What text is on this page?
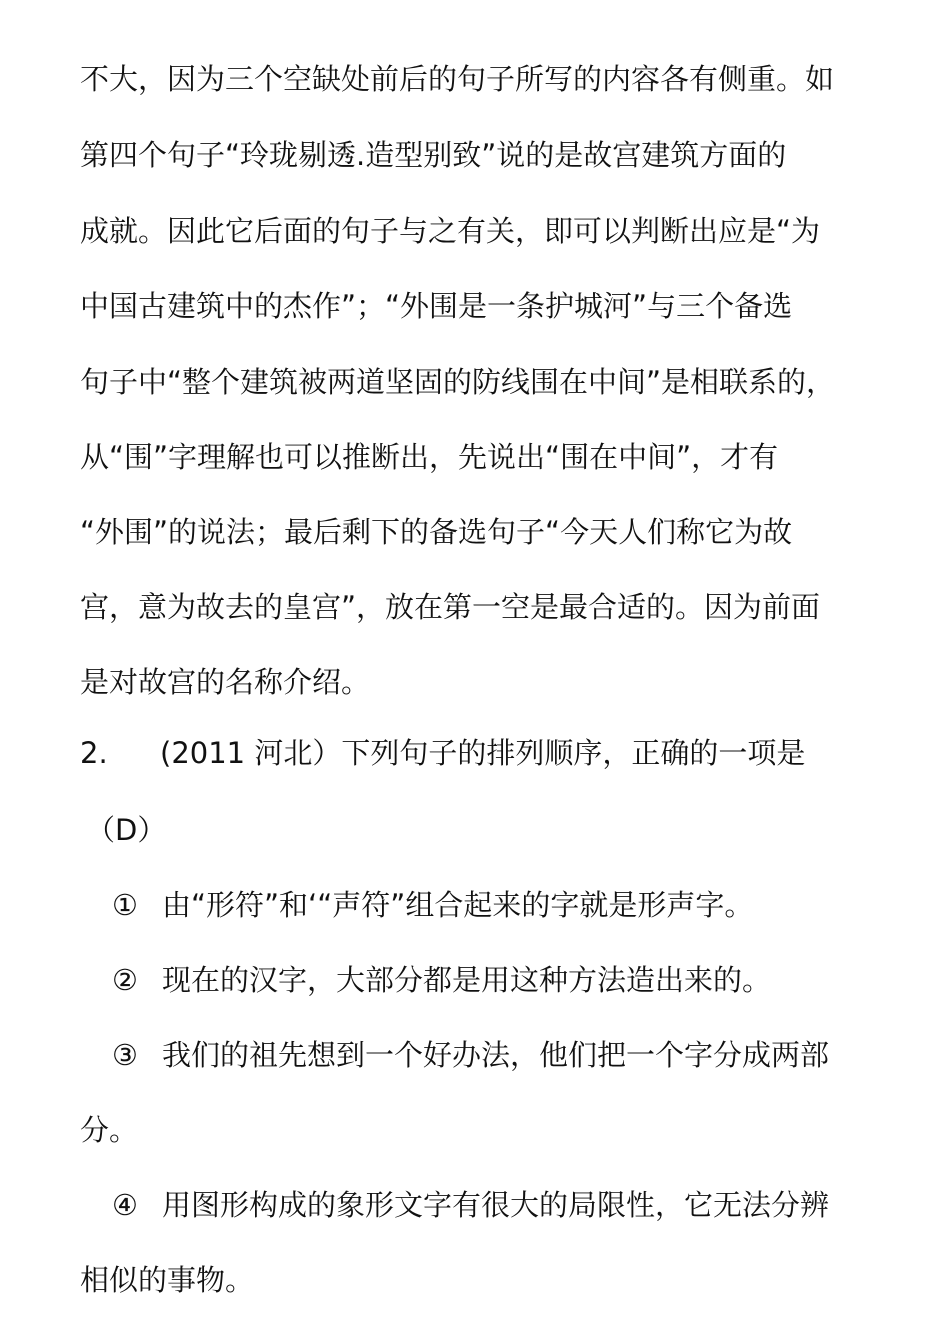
不大，因为三个空缺处前后的句子所写的内容各有侧重。如
第四个句子“玲珑剔透.造型别致”说的是故宫建筑方面的
成就。因此它后面的句子与之有关，即可以判断出应是“为
中国古建筑中的杰作”；“外围是一条护城河”与三个备选
句子中“整个建筑被两道坚固的防线围在中间”是相联系的，
从“围”字理解也可以推断出，先说出“围在中间”，才有
“外围”的说法；最后剩下的备选句子“今天人们称它为故
宫，意为故去的皇宫”，放在第一空是最合适的。因为前面
是对故宫的名称介绍。
2. (2011 河北）下列句子的排列顺序，正确的一项是
（D）
① 由“形符”和‘“声符”组合起来的字就是形声字。
② 现在的汉字，大部分都是用这种方法造出来的。
③ 我们的祖先想到一个好办法，他们把一个字分成两部
分。
④ 用图形构成的象形文字有很大的局限性，它无法分辨
相似的事物。
